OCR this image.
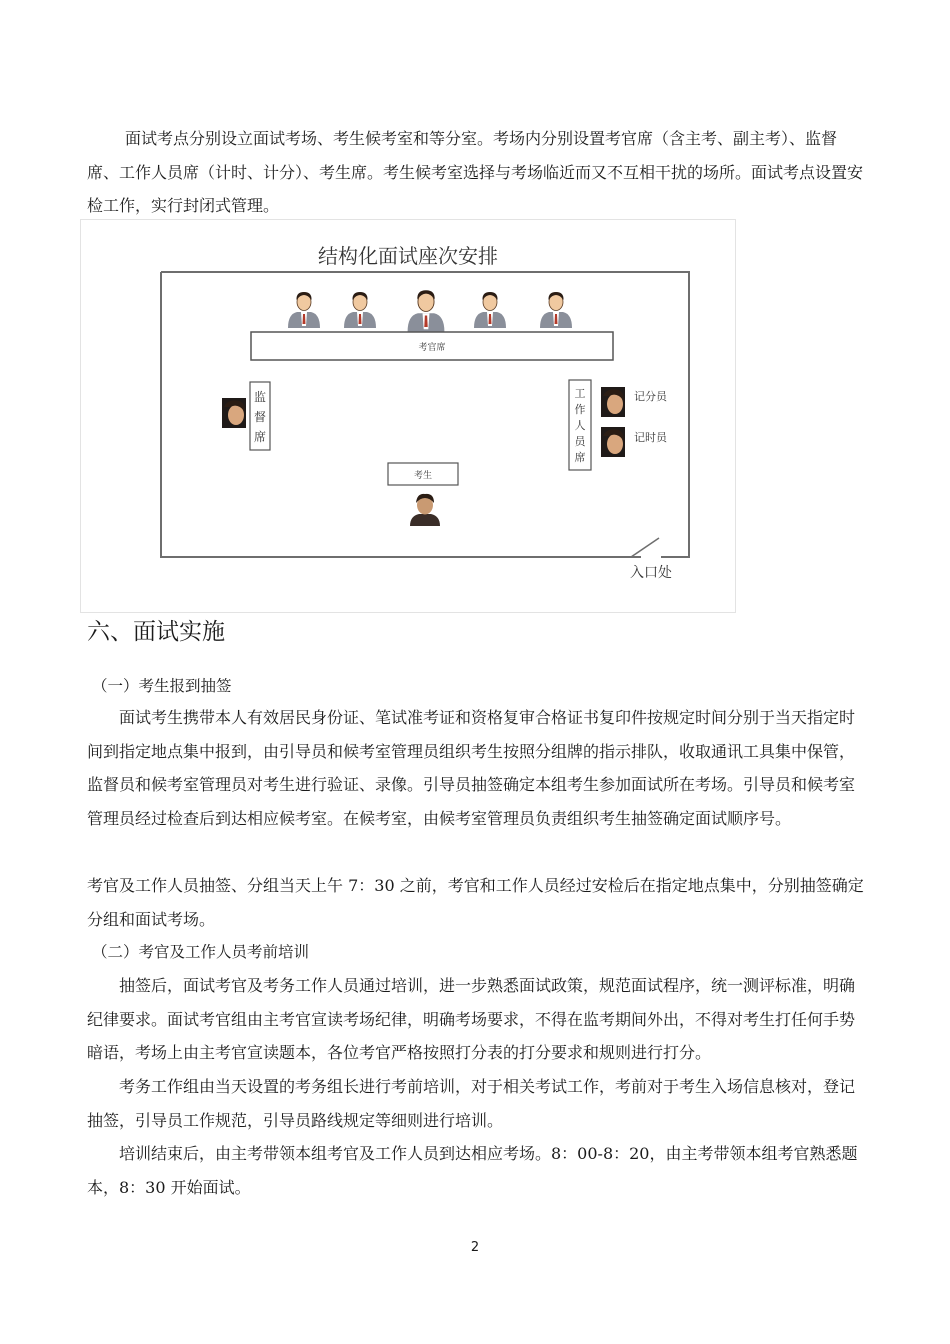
面试考点分别设立面试考场、考生候考室和等分室。考场内分别设置考官席（含主考、副主考）、监督席、工作人员席（计时、计分）、考生席。考生候考室选择与考场临近而又不互相干扰的场所。面试考点设置安检工作，实行封闭式管理。

结构化面试座次安排
考官席
监
督
席
工
作
人
员
席
记分员
记时员
考生
入口处
六、面试实施

（一）考生报到抽签

面试考生携带本人有效居民身份证、笔试准考证和资格复审合格证书复印件按规定时间分别于当天指定时间到指定地点集中报到，由引导员和候考室管理员组织考生按照分组牌的指示排队，收取通讯工具集中保管，监督员和候考室管理员对考生进行验证、录像。引导员抽签确定本组考生参加面试所在考场。引导员和候考室管理员经过检查后到达相应候考室。在候考室，由候考室管理员负责组织考生抽签确定面试顺序号。

考官及工作人员抽签、分组当天上午 7：30 之前，考官和工作人员经过安检后在指定地点集中，分别抽签确定分组和面试考场。

（二）考官及工作人员考前培训

抽签后，面试考官及考务工作人员通过培训，进一步熟悉面试政策，规范面试程序，统一测评标准，明确纪律要求。面试考官组由主考官宣读考场纪律，明确考场要求，不得在监考期间外出，不得对考生打任何手势暗语，考场上由主考官宣读题本，各位考官严格按照打分表的打分要求和规则进行打分。

考务工作组由当天设置的考务组长进行考前培训，对于相关考试工作，考前对于考生入场信息核对，登记抽签，引导员工作规范，引导员路线规定等细则进行培训。

培训结束后，由主考带领本组考官及工作人员到达相应考场。8：00-8：20，由主考带领本组考官熟悉题本，8：30 开始面试。

2
